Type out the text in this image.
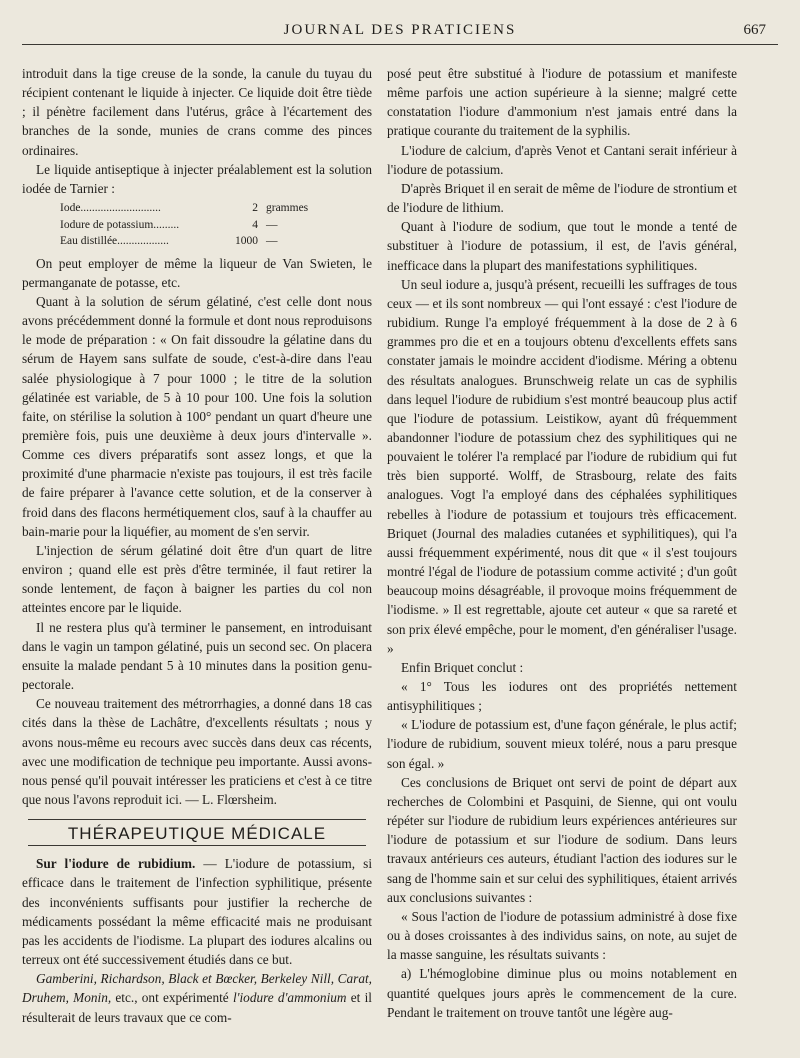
JOURNAL DES PRATICIENS	667

introduit dans la tige creuse de la sonde, la canule du tuyau du récipient contenant le liquide à injecter. Ce liquide doit être tiède ; il pénètre facilement dans l'utérus, grâce à l'écartement des branches de la sonde, munies de crans comme des pinces ordinaires.

Le liquide antiseptique à injecter préalablement est la solution iodée de Tarnier :

Iode............................	2 grammes
Iodure de potassium.........	4 —
Eau distillée..................	1000 —

On peut employer de même la liqueur de Van Swieten, le permanganate de potasse, etc.

Quant à la solution de sérum gélatiné, c'est celle dont nous avons précédemment donné la formule et dont nous reproduisons le mode de préparation : « On fait dissoudre la gélatine dans du sérum de Hayem sans sulfate de soude, c'est-à-dire dans l'eau salée physiologique à 7 pour 1000 ; le titre de la solution gélatinée est variable, de 5 à 10 pour 100. Une fois la solution faite, on stérilise la solution à 100° pendant un quart d'heure une première fois, puis une deuxième à deux jours d'intervalle ». Comme ces divers préparatifs sont assez longs, et que la proximité d'une pharmacie n'existe pas toujours, il est très facile de faire préparer à l'avance cette solution, et de la conserver à froid dans des flacons hermétiquement clos, sauf à la chauffer au bain-marie pour la liquéfier, au moment de s'en servir.

L'injection de sérum gélatiné doit être d'un quart de litre environ ; quand elle est près d'être terminée, il faut retirer la sonde lentement, de façon à baigner les parties du col non atteintes encore par le liquide.

Il ne restera plus qu'à terminer le pansement, en introduisant dans le vagin un tampon gélatiné, puis un second sec. On placera ensuite la malade pendant 5 à 10 minutes dans la position genu-pectorale.

Ce nouveau traitement des métrorrhagies, a donné dans 18 cas cités dans la thèse de Lachâtre, d'excellents résultats ; nous y avons nous-même eu recours avec succès dans deux cas récents, avec une modification de technique peu importante. Aussi avons-nous pensé qu'il pouvait intéresser les praticiens et c'est à ce titre que nous l'avons reproduit ici. — L. Flœrsheim.

THÉRAPEUTIQUE MÉDICALE

Sur l'iodure de rubidium. — L'iodure de potassium, si efficace dans le traitement de l'infection syphilitique, présente des inconvénients suffisants pour justifier la recherche de médicaments possédant la même efficacité mais ne produisant pas les accidents de l'iodisme. La plupart des iodures alcalins ou terreux ont été successivement étudiés dans ce but.

Gamberini, Richardson, Black et Bœcker, Berkeley Nill, Carat, Druhem, Monin, etc., ont expérimenté l'iodure d'ammonium et il résulterait de leurs travaux que ce com-

posé peut être substitué à l'iodure de potassium et manifeste même parfois une action supérieure à la sienne; malgré cette constatation l'iodure d'ammonium n'est jamais entré dans la pratique courante du traitement de la syphilis.

L'iodure de calcium, d'après Venot et Cantani serait inférieur à l'iodure de potassium.

D'après Briquet il en serait de même de l'iodure de strontium et de l'iodure de lithium.

Quant à l'iodure de sodium, que tout le monde a tenté de substituer à l'iodure de potassium, il est, de l'avis général, inefficace dans la plupart des manifestations syphilitiques.

Un seul iodure a, jusqu'à présent, recueilli les suffrages de tous ceux — et ils sont nombreux — qui l'ont essayé : c'est l'iodure de rubidium. Runge l'a employé fréquemment à la dose de 2 à 6 grammes pro die et en a toujours obtenu d'excellents effets sans constater jamais le moindre accident d'iodisme. Méring a obtenu des résultats analogues. Brunschweig relate un cas de syphilis dans lequel l'iodure de rubidium s'est montré beaucoup plus actif que l'iodure de potassium. Leistikow, ayant dû fréquemment abandonner l'iodure de potassium chez des syphilitiques qui ne pouvaient le tolérer l'a remplacé par l'iodure de rubidium qui fut très bien supporté. Wolff, de Strasbourg, relate des faits analogues. Vogt l'a employé dans des céphalées syphilitiques rebelles à l'iodure de potassium et toujours très efficacement. Briquet (Journal des maladies cutanées et syphilitiques), qui l'a aussi fréquemment expérimenté, nous dit que « il s'est toujours montré l'égal de l'iodure de potassium comme activité ; d'un goût beaucoup moins désagréable, il provoque moins fréquemment de l'iodisme. » Il est regrettable, ajoute cet auteur « que sa rareté et son prix élevé empêche, pour le moment, d'en généraliser l'usage. »

Enfin Briquet conclut :

« 1° Tous les iodures ont des propriétés nettement antisyphilitiques ;

« L'iodure de potassium est, d'une façon générale, le plus actif; l'iodure de rubidium, souvent mieux toléré, nous a paru presque son égal. »

Ces conclusions de Briquet ont servi de point de départ aux recherches de Colombini et Pasquini, de Sienne, qui ont voulu répéter sur l'iodure de rubidium leurs expériences antérieures sur l'iodure de potassium et sur l'iodure de sodium. Dans leurs travaux antérieurs ces auteurs, étudiant l'action des iodures sur le sang de l'homme sain et sur celui des syphilitiques, étaient arrivés aux conclusions suivantes :

« Sous l'action de l'iodure de potassium administré à dose fixe ou à doses croissantes à des individus sains, on note, au sujet de la masse sanguine, les résultats suivants :

a) L'hémoglobine diminue plus ou moins notablement en quantité quelques jours après le commencement de la cure. Pendant le traitement on trouve tantôt une légère aug-
